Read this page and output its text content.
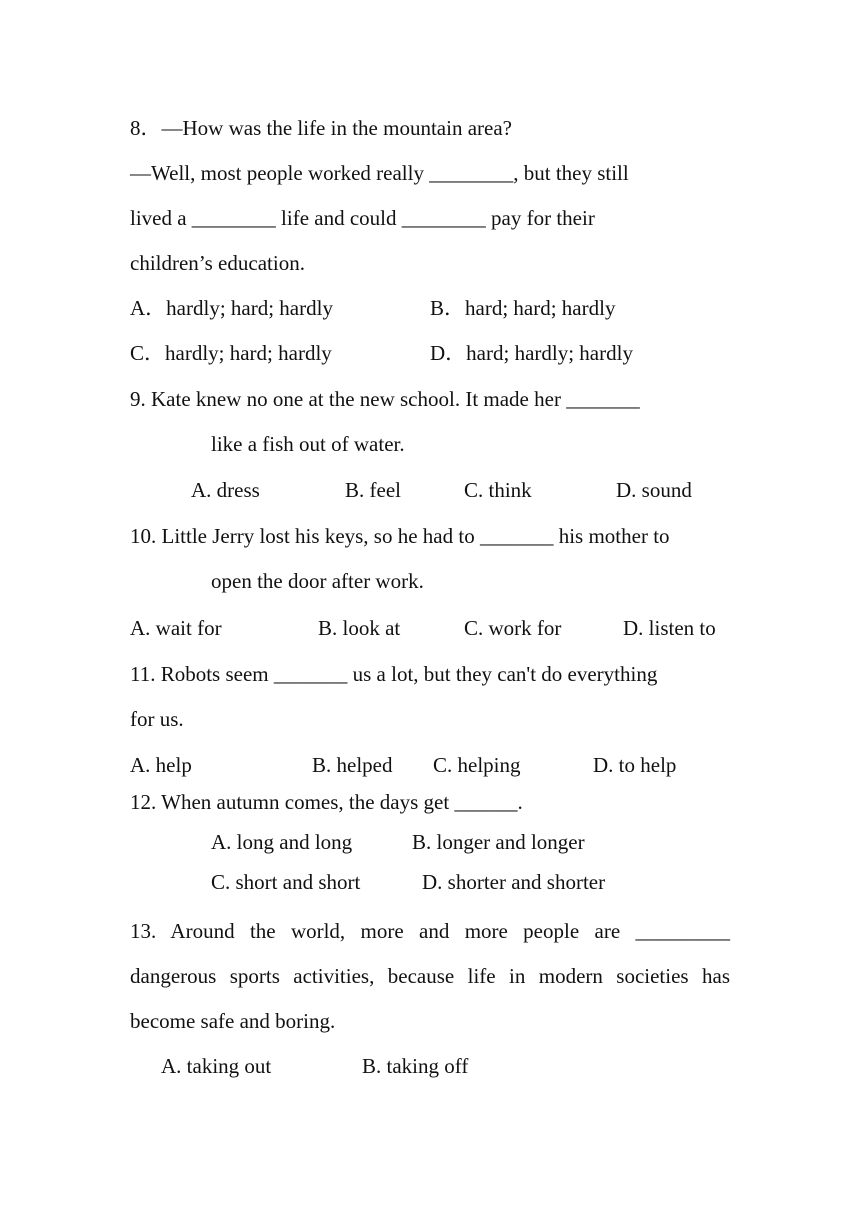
8．—How was the life in the mountain area?
—Well, most people worked really ________, but they still
lived a ________ life and could ________ pay for their
children’s education.
A．hardly; hard; hardly	B．hard; hard; hardly
C．hardly; hard; hardly	D．hard; hardly; hardly
9. Kate knew no one at the new school. It made her _______
like a fish out of water.
A. dress	B. feel	C. think	D. sound
10. Little Jerry lost his keys, so he had to _______ his mother to
open the door after work.
A. wait for	B. look at	C. work for	D. listen to
11. Robots seem _______ us a lot, but they can't do everything
for us.
A. help	B. helped C. helping	D. to help
12. When autumn comes, the days get ______.
A. long and long	B. longer and longer
C. short and short	D. shorter and shorter
13. Around the world, more and more people are _________
dangerous sports activities, because life in modern societies has
become safe and boring.
A. taking out	B. taking off
